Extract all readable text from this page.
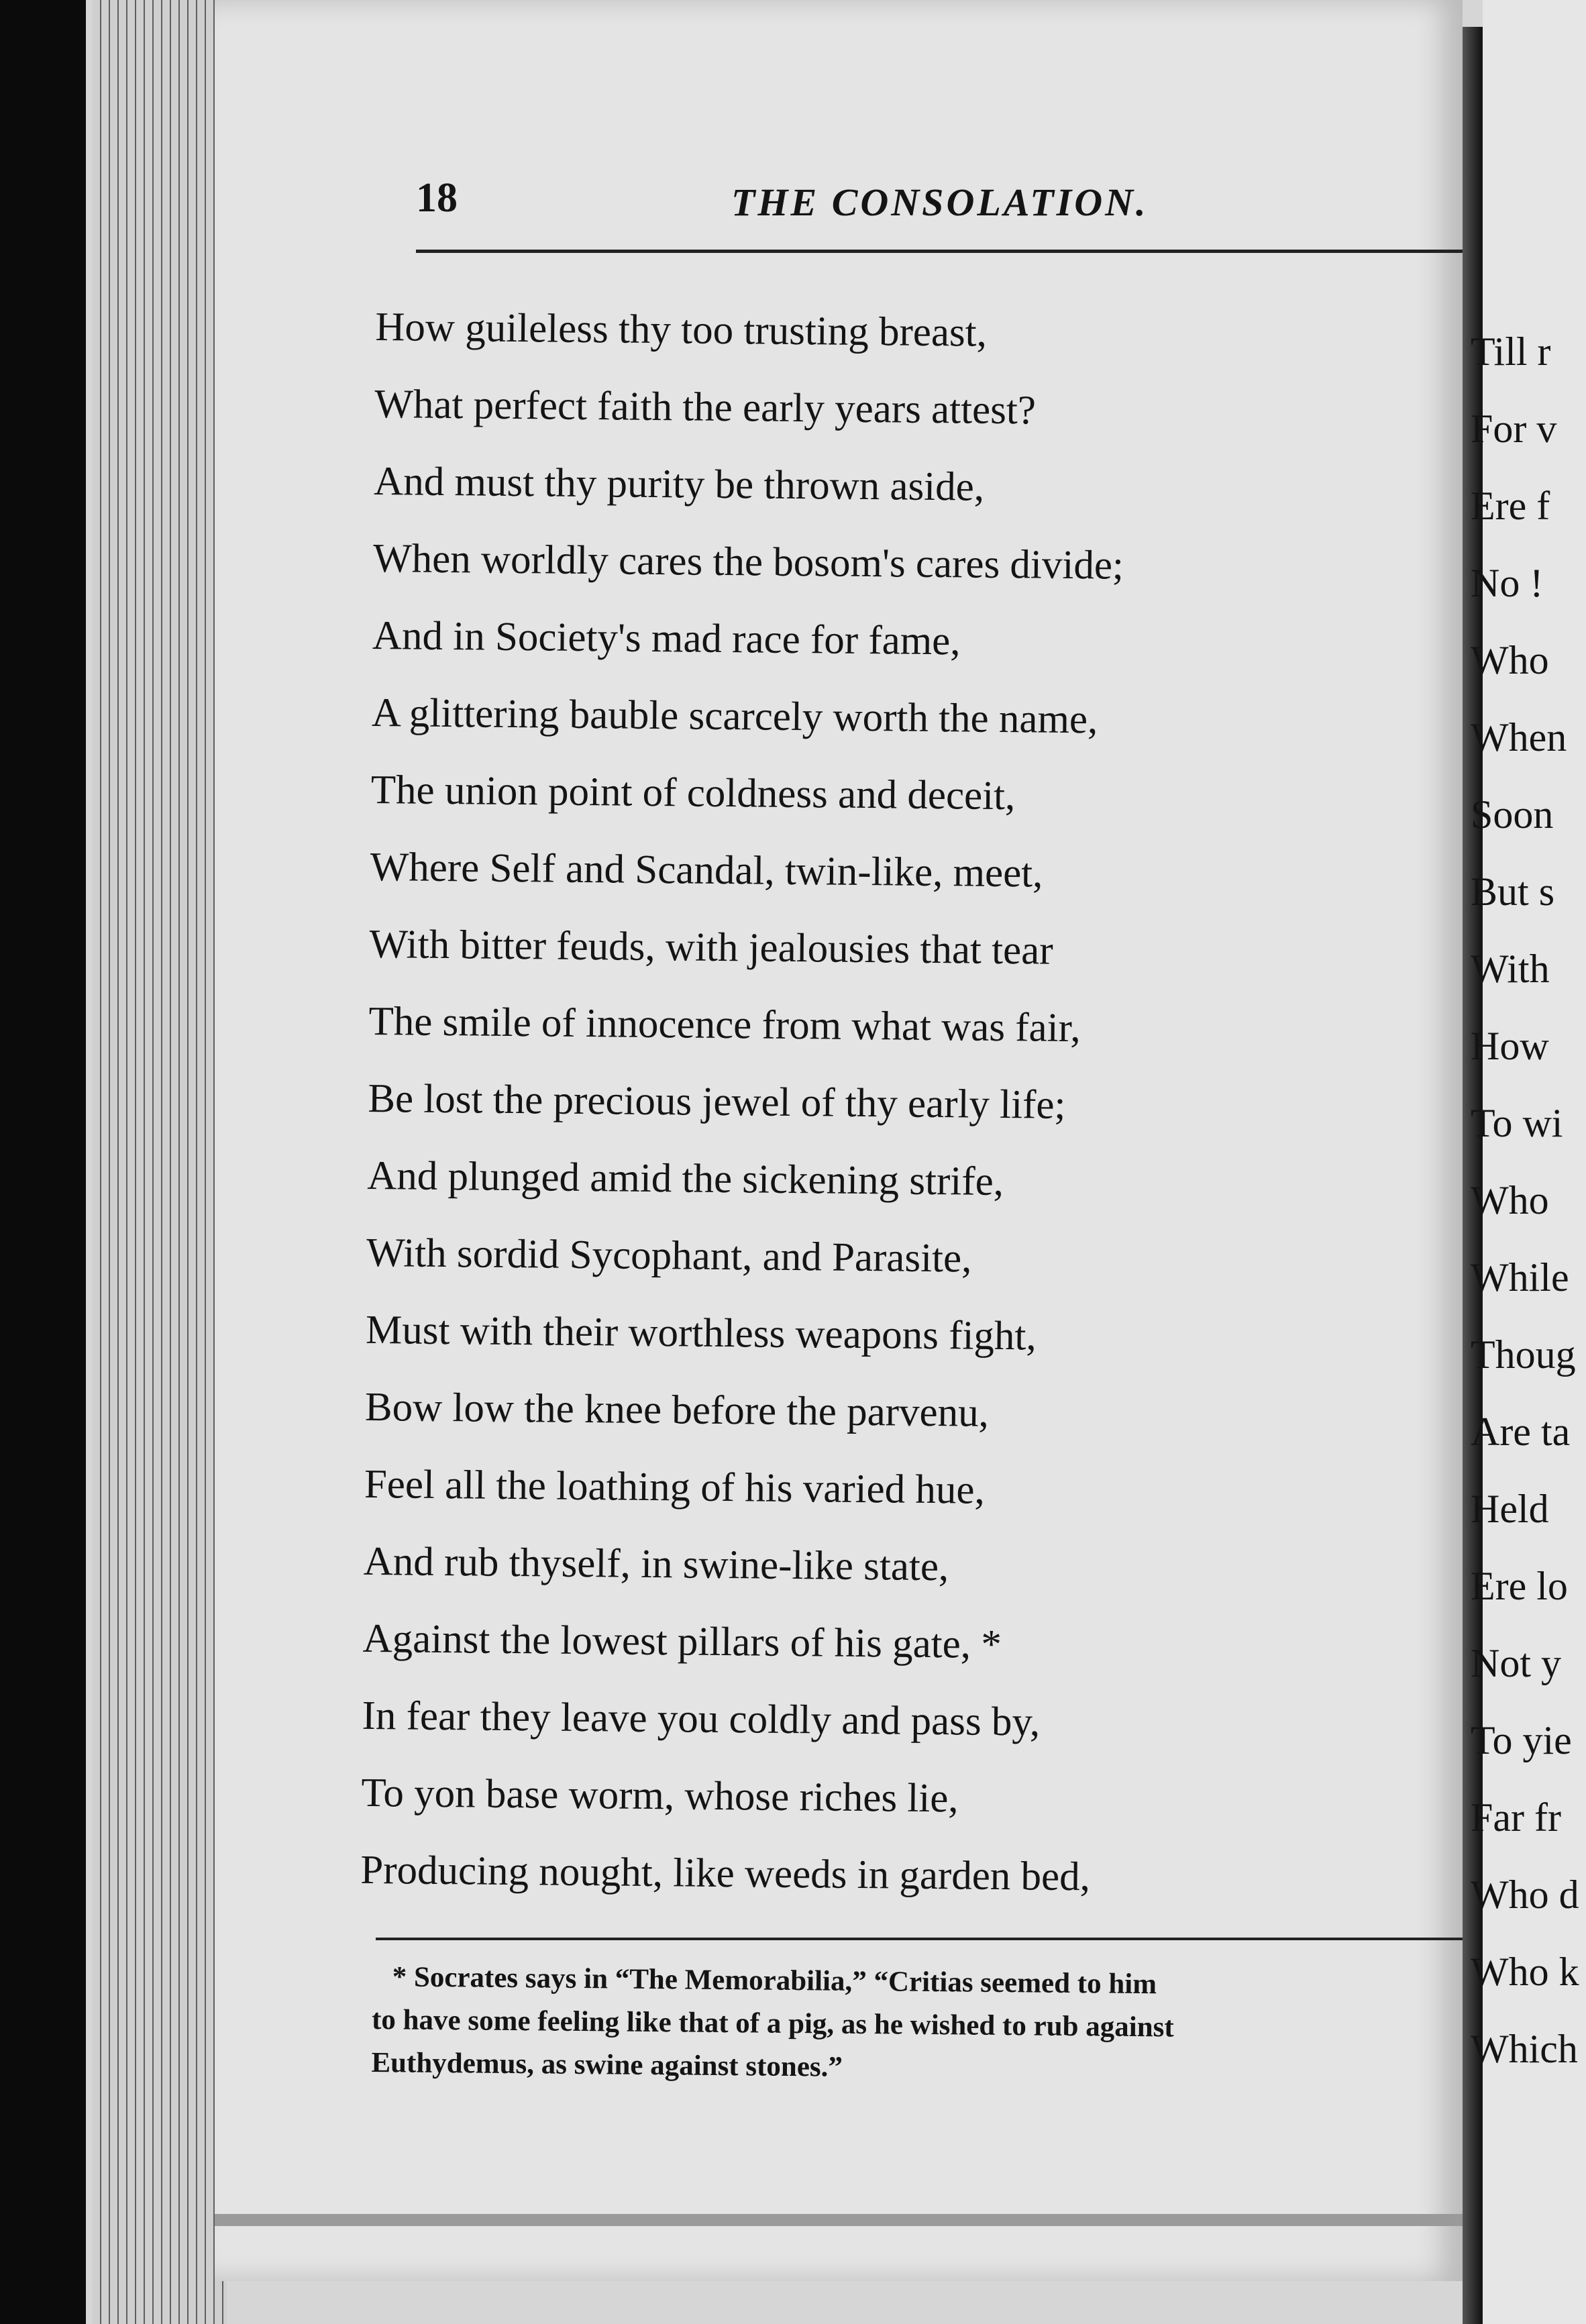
18	THE CONSOLATION.
How guileless thy too trusting breast,
What perfect faith the early years attest?
And must thy purity be thrown aside,
When worldly cares the bosom's cares divide;
And in Society's mad race for fame,
A glittering bauble scarcely worth the name,
The union point of coldness and deceit,
Where Self and Scandal, twin-like, meet,
With bitter feuds, with jealousies that tear
The smile of innocence from what was fair,
Be lost the precious jewel of thy early life;
And plunged amid the sickening strife,
With sordid Sycophant, and Parasite,
Must with their worthless weapons fight,
Bow low the knee before the parvenu,
Feel all the loathing of his varied hue,
And rub thyself, in swine-like state,
Against the lowest pillars of his gate, *
In fear they leave you coldly and pass by,
To yon base worm, whose riches lie,
Producing nought, like weeds in garden bed,
* Socrates says in “The Memorabilia,” “Critias seemed to him
to have some feeling like that of a pig, as he wished to rub against
Euthydemus, as swine against stones.”
Till r
For v
Ere f
No !
Who
When
Soon
But s
With
How
To wi
Who
While
Thoug
Are ta
Held
Ere lo
Not y
To yie
Far fr
Who d
Who k
Which
